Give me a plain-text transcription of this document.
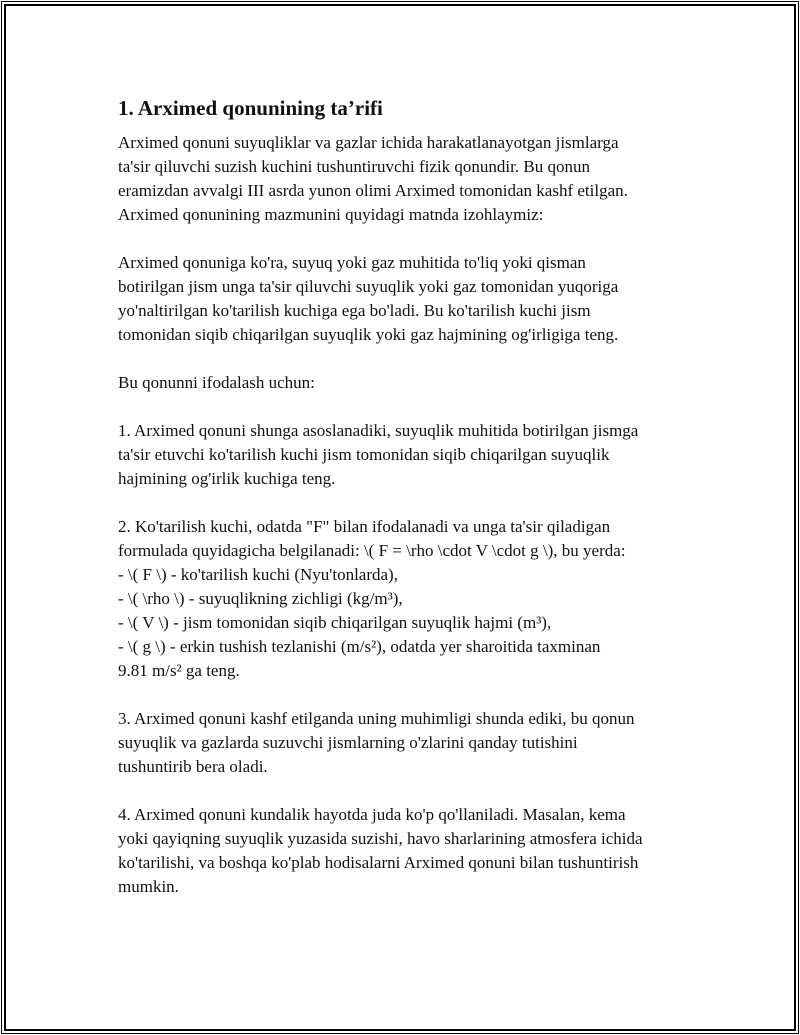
1. Arximed qonunining ta’rifi

Arximed qonuni suyuqliklar va gazlar ichida harakatlanayotgan jismlarga
ta'sir qiluvchi suzish kuchini tushuntiruvchi fizik qonundir. Bu qonun
eramizdan avvalgi III asrda yunon olimi Arximed tomonidan kashf etilgan.
Arximed qonunining mazmunini quyidagi matnda izohlaymiz:

Arximed qonuniga ko'ra, suyuq yoki gaz muhitida to'liq yoki qisman
botirilgan jism unga ta'sir qiluvchi suyuqlik yoki gaz tomonidan yuqoriga
yo'naltirilgan ko'tarilish kuchiga ega bo'ladi. Bu ko'tarilish kuchi jism
tomonidan siqib chiqarilgan suyuqlik yoki gaz hajmining og'irligiga teng.

Bu qonunni ifodalash uchun:

1. Arximed qonuni shunga asoslanadiki, suyuqlik muhitida botirilgan jismga
ta'sir etuvchi ko'tarilish kuchi jism tomonidan siqib chiqarilgan suyuqlik
hajmining og'irlik kuchiga teng.

2. Ko'tarilish kuchi, odatda "F" bilan ifodalanadi va unga ta'sir qiladigan
formulada quyidagicha belgilanadi: \( F = \rho \cdot V \cdot g \), bu yerda:
- \( F \) - ko'tarilish kuchi (Nyu'tonlarda),
- \( \rho \) - suyuqlikning zichligi (kg/m³),
- \( V \) - jism tomonidan siqib chiqarilgan suyuqlik hajmi (m³),
- \( g \) - erkin tushish tezlanishi (m/s²), odatda yer sharoitida taxminan
9.81 m/s² ga teng.

3. Arximed qonuni kashf etilganda uning muhimligi shunda ediki, bu qonun
suyuqlik va gazlarda suzuvchi jismlarning o'zlarini qanday tutishini
tushuntirib bera oladi.

4. Arximed qonuni kundalik hayotda juda ko'p qo'llaniladi. Masalan, kema
yoki qayiqning suyuqlik yuzasida suzishi, havo sharlarining atmosfera ichida
ko'tarilishi, va boshqa ko'plab hodisalarni Arximed qonuni bilan tushuntirish
mumkin.
